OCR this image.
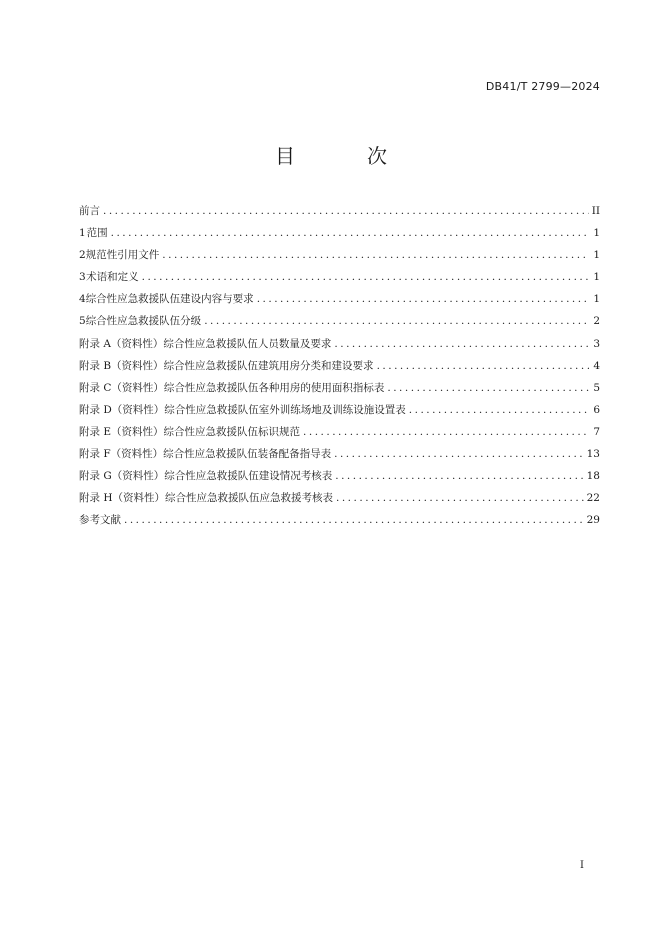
DB41/T 2799—2024
目　次
前言 .....	II
1 范围 .....	1
2 规范性引用文件 .....	1
3 术语和定义 .....	1
4 综合性应急救援队伍建设内容与要求 .....	1
5 综合性应急救援队伍分级 .....	2
附录 A（资料性） 综合性应急救援队伍人员数量及要求 .....	3
附录 B（资料性） 综合性应急救援队伍建筑用房分类和建设要求 .....	4
附录 C（资料性） 综合性应急救援队伍各种用房的使用面积指标表 .....	5
附录 D（资料性） 综合性应急救援队伍室外训练场地及训练设施设置表 .....	6
附录 E（资料性） 综合性应急救援队伍标识规范 .....	7
附录 F（资料性） 综合性应急救援队伍装备配备指导表 .....	13
附录 G（资料性） 综合性应急救援队伍建设情况考核表 .....	18
附录 H（资料性） 综合性应急救援队伍应急救援考核表 .....	22
参考文献 .....	29
I
